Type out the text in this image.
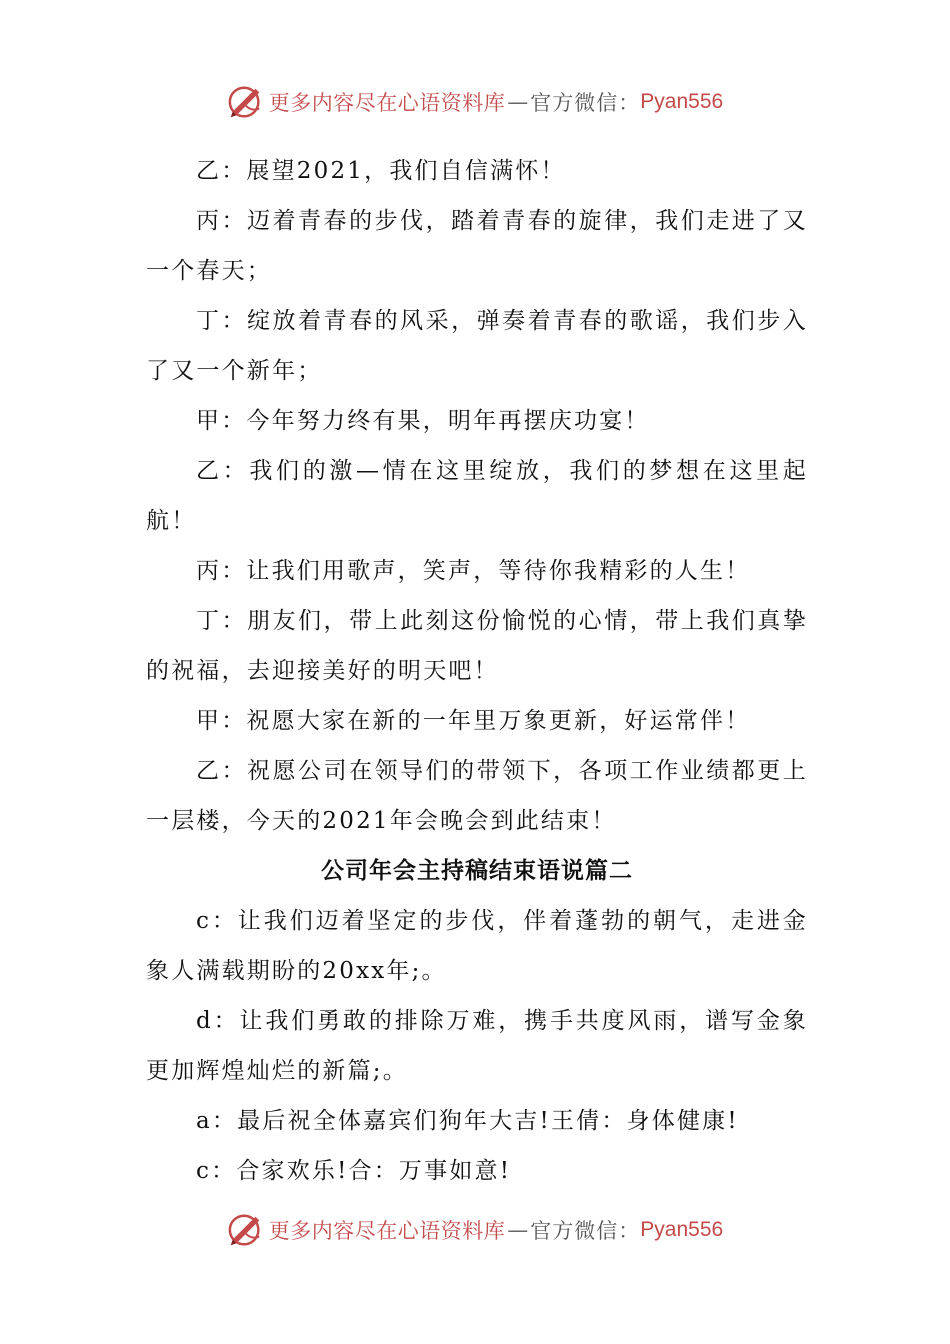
更多内容尽在心语资料库 — 官方微信： Pyan556

乙：展望2021，我们自信满怀！

丙：迈着青春的步伐，踏着青春的旋律，我们走进了又一个春天；

丁：绽放着青春的风采，弹奏着青春的歌谣，我们步入了又一个新年；

甲：今年努力终有果，明年再摆庆功宴！

乙：我们的激—情在这里绽放，我们的梦想在这里起航！

丙：让我们用歌声，笑声，等待你我精彩的人生！

丁：朋友们，带上此刻这份愉悦的心情，带上我们真挚的祝福，去迎接美好的明天吧！

甲：祝愿大家在新的一年里万象更新，好运常伴！

乙：祝愿公司在领导们的带领下，各项工作业绩都更上一层楼，今天的2021年会晚会到此结束！

公司年会主持稿结束语说篇二

c：让我们迈着坚定的步伐，伴着蓬勃的朝气，走进金象人满载期盼的20xx年;。

d：让我们勇敢的排除万难，携手共度风雨，谱写金象更加辉煌灿烂的新篇;。

a：最后祝全体嘉宾们狗年大吉!王倩：身体健康!

c：合家欢乐!合：万事如意!

更多内容尽在心语资料库 — 官方微信： Pyan556
